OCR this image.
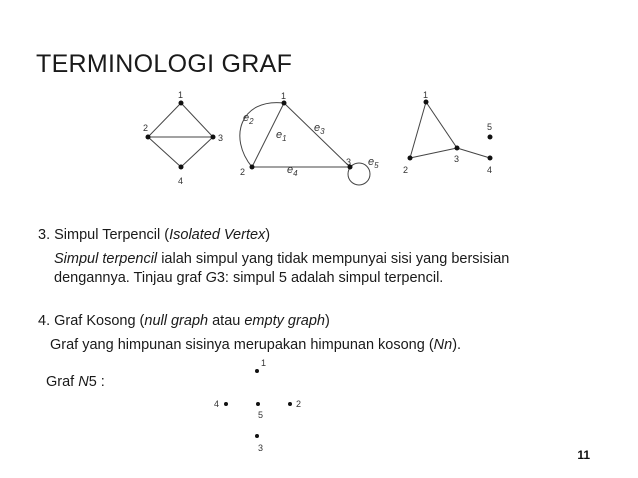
TERMINOLOGI GRAF
1
2
3
4
1
2
3
$e_1$
$e_2$
$e_3$
$e_4$
$e_5$
1
2
3
4
5
1
2
3
4
5
3. Simpul Terpencil (Isolated Vertex)
Simpul terpencil ialah simpul yang tidak mempunyai sisi yang bersisian
dengannya. Tinjau graf G3: simpul 5 adalah simpul terpencil.
4. Graf Kosong (null graph atau empty graph)
Graf yang himpunan sisinya merupakan himpunan kosong (Nn).
Graf N5 :
11
